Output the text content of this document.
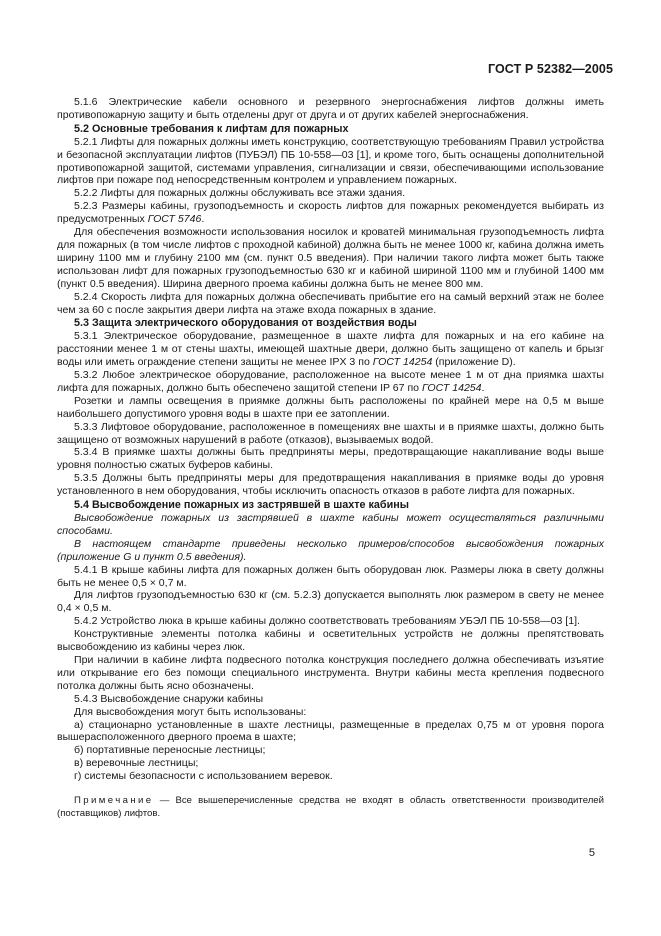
ГОСТ Р 52382—2005

5.1.6 Электрические кабели основного и резервного энергоснабжения лифтов должны иметь противопожарную защиту и быть отделены друг от друга и от других кабелей энергоснабжения.

5.2 Основные требования к лифтам для пожарных

5.2.1 Лифты для пожарных должны иметь конструкцию, соответствующую требованиям Правил устройства и безопасной эксплуатации лифтов (ПУБЭЛ) ПБ 10-558—03 [1], и кроме того, быть оснащены дополнительной противопожарной защитой, системами управления, сигнализации и связи, обеспечивающими использование лифтов при пожаре под непосредственным контролем и управлением пожарных.

5.2.2 Лифты для пожарных должны обслуживать все этажи здания.

5.2.3 Размеры кабины, грузоподъемность и скорость лифтов для пожарных рекомендуется выбирать из предусмотренных ГОСТ 5746.

Для обеспечения возможности использования носилок и кроватей минимальная грузоподъемность лифта для пожарных (в том числе лифтов с проходной кабиной) должна быть не менее 1000 кг, кабина должна иметь ширину 1100 мм и глубину 2100 мм (см. пункт 0.5 введения). При наличии такого лифта может быть также использован лифт для пожарных грузоподъемностью 630 кг и кабиной шириной 1100 мм и глубиной 1400 мм (пункт 0.5 введения). Ширина дверного проема кабины должна быть не менее 800 мм.

5.2.4 Скорость лифта для пожарных должна обеспечивать прибытие его на самый верхний этаж не более чем за 60 с после закрытия двери лифта на этаже входа пожарных в здание.

5.3 Защита электрического оборудования от воздействия воды

5.3.1 Электрическое оборудование, размещенное в шахте лифта для пожарных и на его кабине на расстоянии менее 1 м от стены шахты, имеющей шахтные двери, должно быть защищено от капель и брызг воды или иметь ограждение степени защиты не менее IPX 3 по ГОСТ 14254 (приложение D).

5.3.2 Любое электрическое оборудование, расположенное на высоте менее 1 м от дна приямка шахты лифта для пожарных, должно быть обеспечено защитой степени IP 67 по ГОСТ 14254.

Розетки и лампы освещения в приямке должны быть расположены по крайней мере на 0,5 м выше наибольшего допустимого уровня воды в шахте при ее затоплении.

5.3.3 Лифтовое оборудование, расположенное в помещениях вне шахты и в приямке шахты, должно быть защищено от возможных нарушений в работе (отказов), вызываемых водой.

5.3.4 В приямке шахты должны быть предприняты меры, предотвращающие накапливание воды выше уровня полностью сжатых буферов кабины.

5.3.5 Должны быть предприняты меры для предотвращения накапливания в приямке воды до уровня установленного в нем оборудования, чтобы исключить опасность отказов в работе лифта для пожарных.

5.4 Высвобождение пожарных из застрявшей в шахте кабины

Высвобождение пожарных из застрявшей в шахте кабины может осуществляться различными способами.

В настоящем стандарте приведены несколько примеров/способов высвобождения пожарных (приложение G и пункт 0.5 введения).

5.4.1 В крыше кабины лифта для пожарных должен быть оборудован люк. Размеры люка в свету должны быть не менее 0,5 × 0,7 м.

Для лифтов грузоподъемностью 630 кг (см. 5.2.3) допускается выполнять люк размером в свету не менее 0,4 × 0,5 м.

5.4.2 Устройство люка в крыше кабины должно соответствовать требованиям УБЭЛ ПБ 10-558—03 [1].

Конструктивные элементы потолка кабины и осветительных устройств не должны препятствовать высвобождению из кабины через люк.

При наличии в кабине лифта подвесного потолка конструкция последнего должна обеспечивать изъятие или открывание его без помощи специального инструмента. Внутри кабины места крепления подвесного потолка должны быть ясно обозначены.

5.4.3 Высвобождение снаружи кабины

Для высвобождения могут быть использованы:

а) стационарно установленные в шахте лестницы, размещенные в пределах 0,75 м от уровня порога вышерасположенного дверного проема в шахте;

б) портативные переносные лестницы;

в) веревочные лестницы;

г) системы безопасности с использованием веревок.

Примечание — Все вышеперечисленные средства не входят в область ответственности производителей (поставщиков) лифтов.

5
